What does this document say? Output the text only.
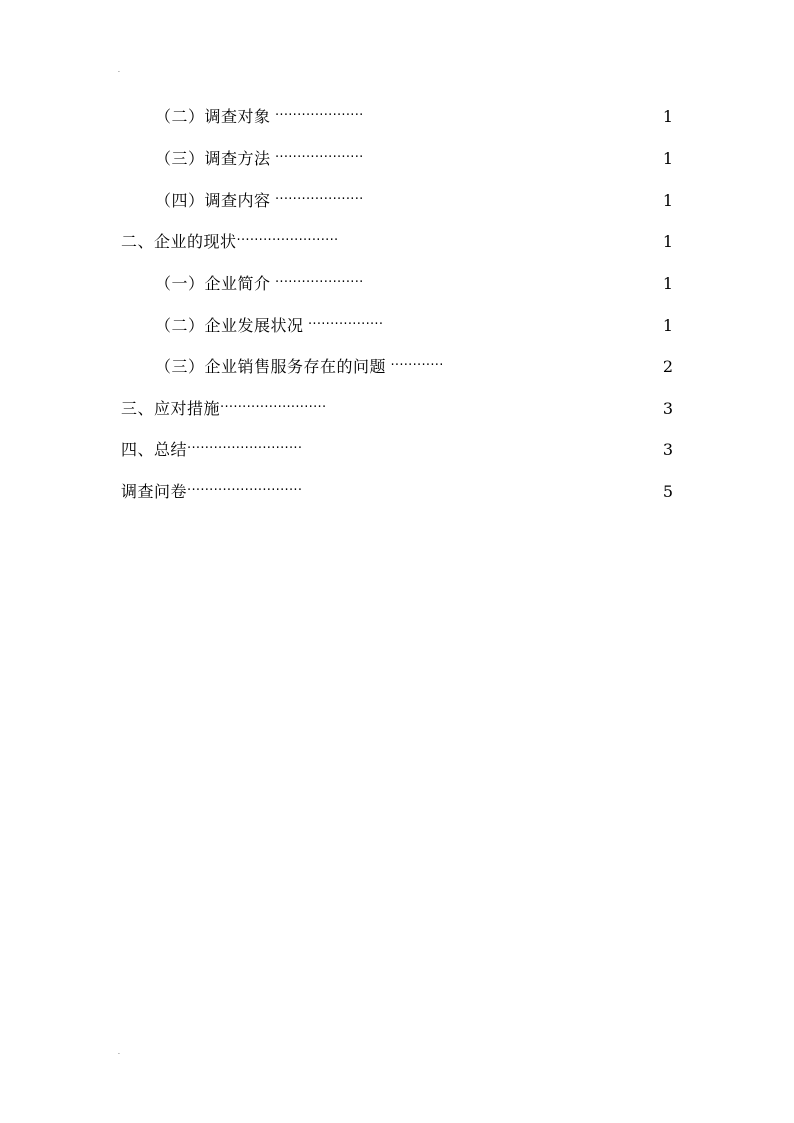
.
（二）调查对象 ····················	1
（三）调查方法 ····················	1
（四）调查内容 ····················	1
二、企业的现状·······················	1
（一）企业简介 ····················	1
（二）企业发展状况 ·················	1
（三）企业销售服务存在的问题 ············	2
三、应对措施························	3
四、总结··························	3
调查问卷··························	5
.
